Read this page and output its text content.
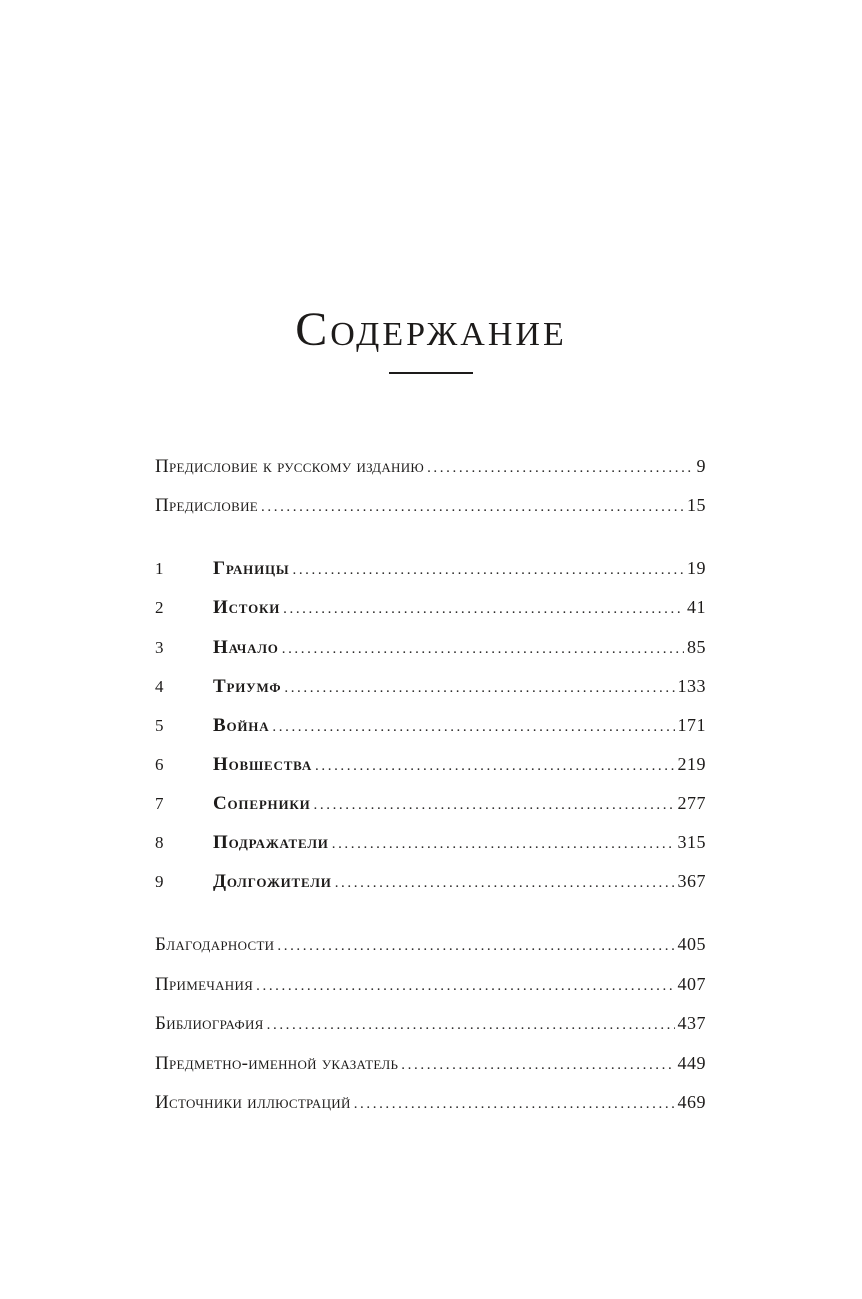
Содержание
Предисловие к русскому изданию .....	9
Предисловие .....	15
1	Границы .....	19
2	Истоки .....	41
3	Начало .....	85
4	Триумф .....	133
5	Война .....	171
6	Новшества .....	219
7	Соперники .....	277
8	Подражатели .....	315
9	Долгожители .....	367
Благодарности .....	405
Примечания .....	407
Библиография .....	437
Предметно-именной указатель .....	449
Источники иллюстраций .....	469
